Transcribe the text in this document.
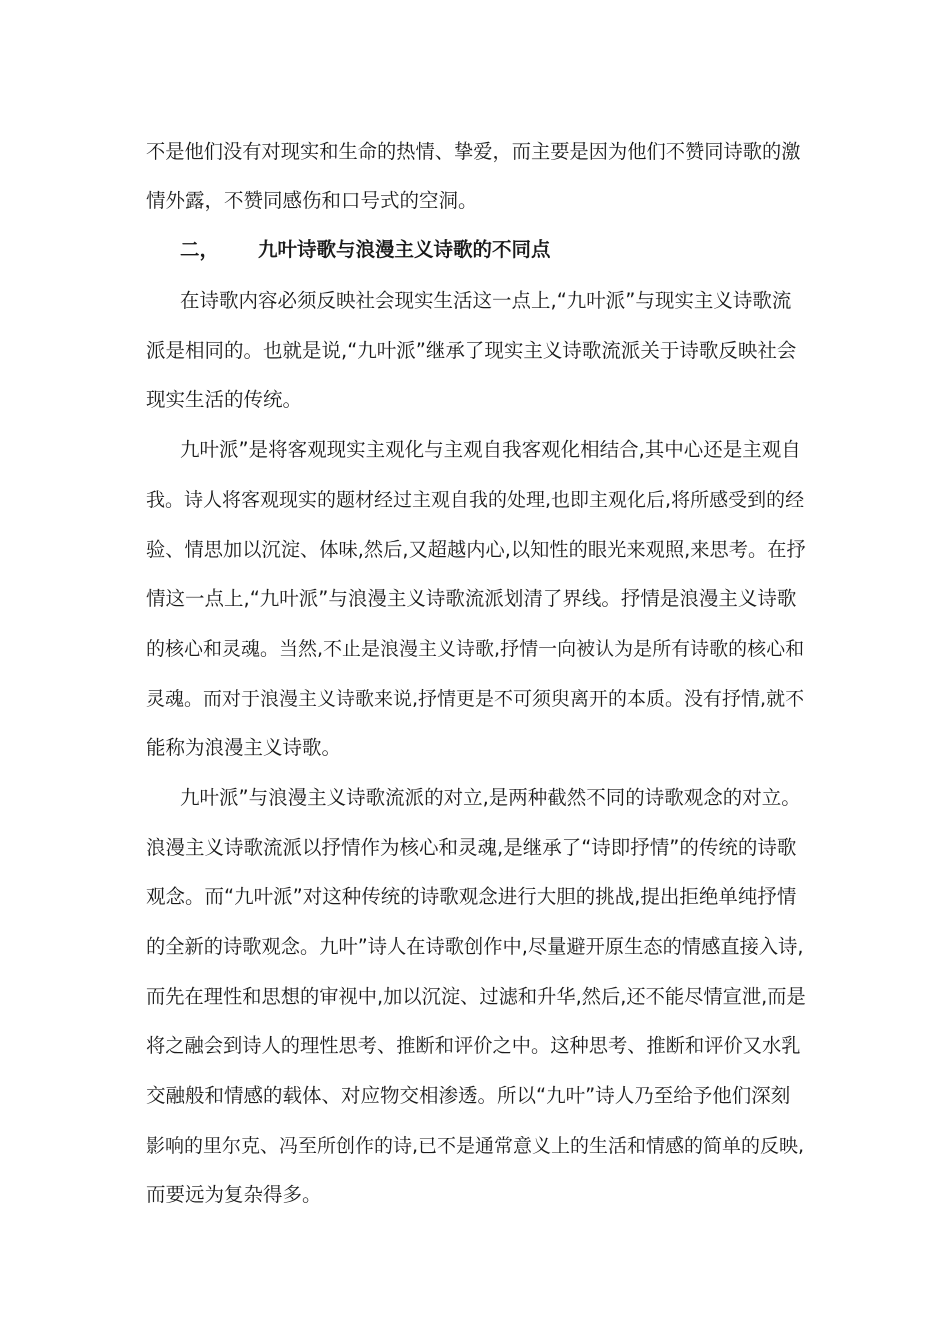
不是他们没有对现实和生命的热情、挚爱，而主要是因为他们不赞同诗歌的激
情外露，不赞同感伤和口号式的空洞。
二， 九叶诗歌与浪漫主义诗歌的不同点
在诗歌内容必须反映社会现实生活这一点上,“九叶派”与现实主义诗歌流
派是相同的。也就是说,“九叶派”继承了现实主义诗歌流派关于诗歌反映社会
现实生活的传统。
九叶派”是将客观现实主观化与主观自我客观化相结合,其中心还是主观自
我。诗人将客观现实的题材经过主观自我的处理,也即主观化后,将所感受到的经
验、情思加以沉淀、体味,然后,又超越内心,以知性的眼光来观照,来思考。在抒
情这一点上,“九叶派”与浪漫主义诗歌流派划清了界线。抒情是浪漫主义诗歌
的核心和灵魂。当然,不止是浪漫主义诗歌,抒情一向被认为是所有诗歌的核心和
灵魂。而对于浪漫主义诗歌来说,抒情更是不可须臾离开的本质。没有抒情,就不
能称为浪漫主义诗歌。
九叶派”与浪漫主义诗歌流派的对立,是两种截然不同的诗歌观念的对立。
浪漫主义诗歌流派以抒情作为核心和灵魂,是继承了“诗即抒情”的传统的诗歌
观念。而“九叶派”对这种传统的诗歌观念进行大胆的挑战,提出拒绝单纯抒情
的全新的诗歌观念。九叶”诗人在诗歌创作中,尽量避开原生态的情感直接入诗,
而先在理性和思想的审视中,加以沉淀、过滤和升华,然后,还不能尽情宣泄,而是
将之融会到诗人的理性思考、推断和评价之中。这种思考、推断和评价又水乳
交融般和情感的载体、对应物交相渗透。所以“九叶”诗人乃至给予他们深刻
影响的里尔克、冯至所创作的诗,已不是通常意义上的生活和情感的简单的反映,
而要远为复杂得多。
